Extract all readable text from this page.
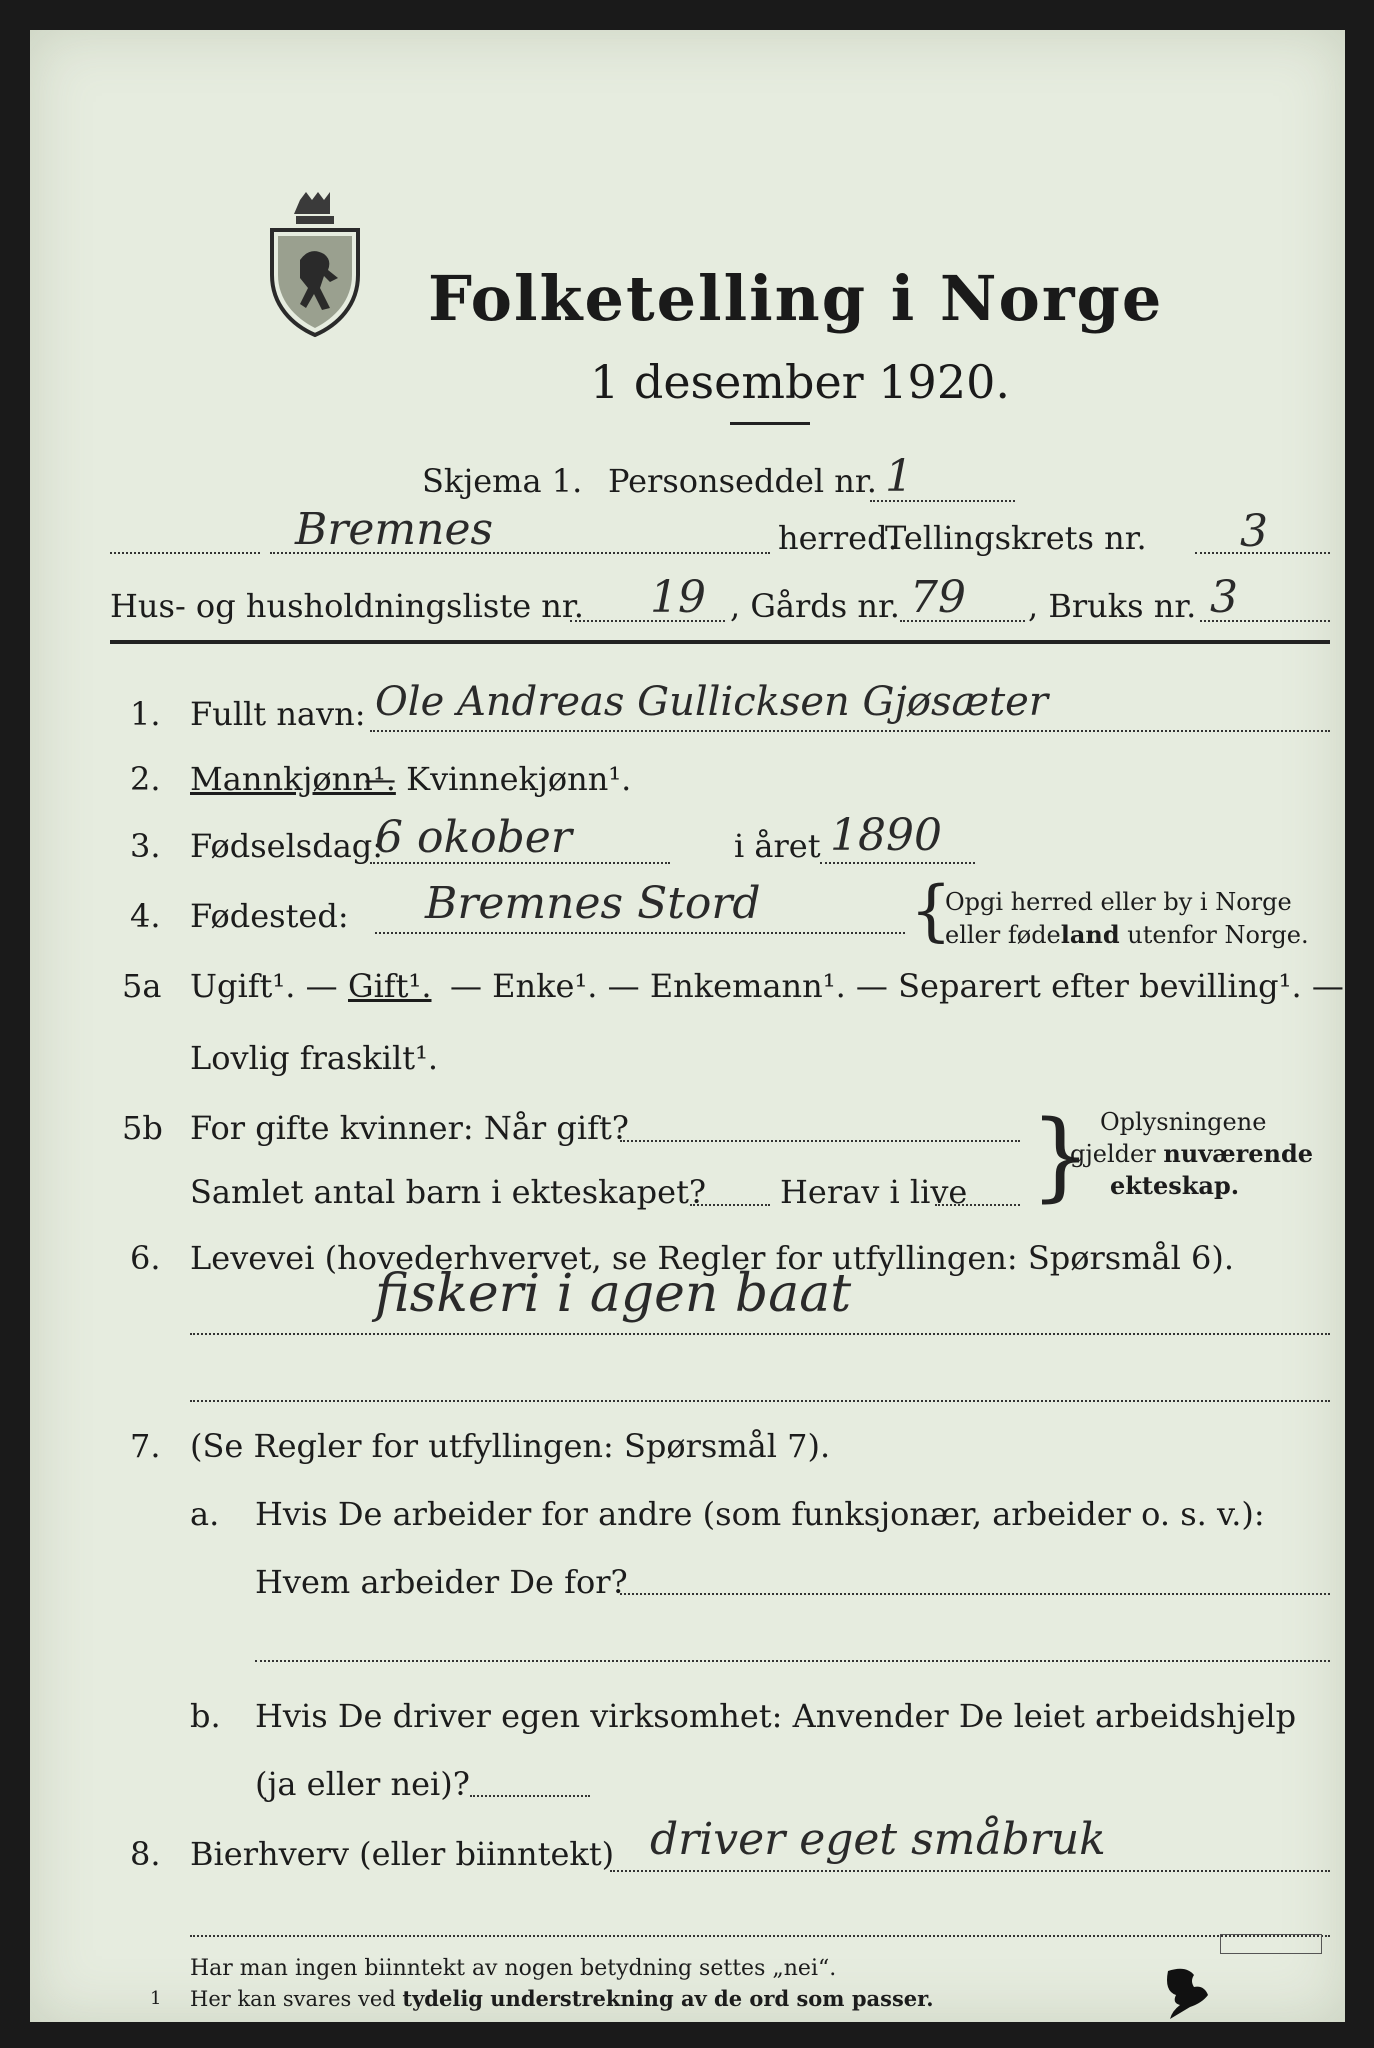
Folketelling i Norge
1 desember 1920.
Skjema 1. Personseddel nr. 1
Bremnes	herred.
Tellingskrets nr. 3
Hus- og husholdningsliste nr. 19 , Gårds nr. 79 , Bruks nr. 3
1. Fullt navn: Ole Andreas Gullicksen Gjøsæter
2. Mannkjønn¹.
— Kvinnekjønn¹.
3. Fødselsdag:
6 okober	i året 1890
4. Fødested: Bremnes Stord {
Opgi herred eller by i Norge
eller fødeland utenfor Norge.
5a Ugift¹. — Gift¹. — Enke¹. — Enkemann¹. — Separert efter bevilling¹. —
Lovlig fraskilt¹.
5b For gifte kvinner: Når gift?
Samlet antal barn i ekteskapet? Herav i live } Oplysningene
gjelder nuværende
ekteskap.
6. Levevei (hovederhvervet, se Regler for utfyllingen: Spørsmål 6).
fiskeri i agen baat
7. (Se Regler for utfyllingen: Spørsmål 7).
a. Hvis De arbeider for andre (som funksjonær, arbeider o. s. v.):
Hvem arbeider De for?
b. Hvis De driver egen virksomhet: Anvender De leiet arbeidshjelp
(ja eller nei)?
8. Bierhverv (eller biinntekt) driver eget småbruk
Har man ingen biinntekt av nogen betydning settes „nei“.
1 Her kan svares ved tydelig understrekning av de ord som passer.
